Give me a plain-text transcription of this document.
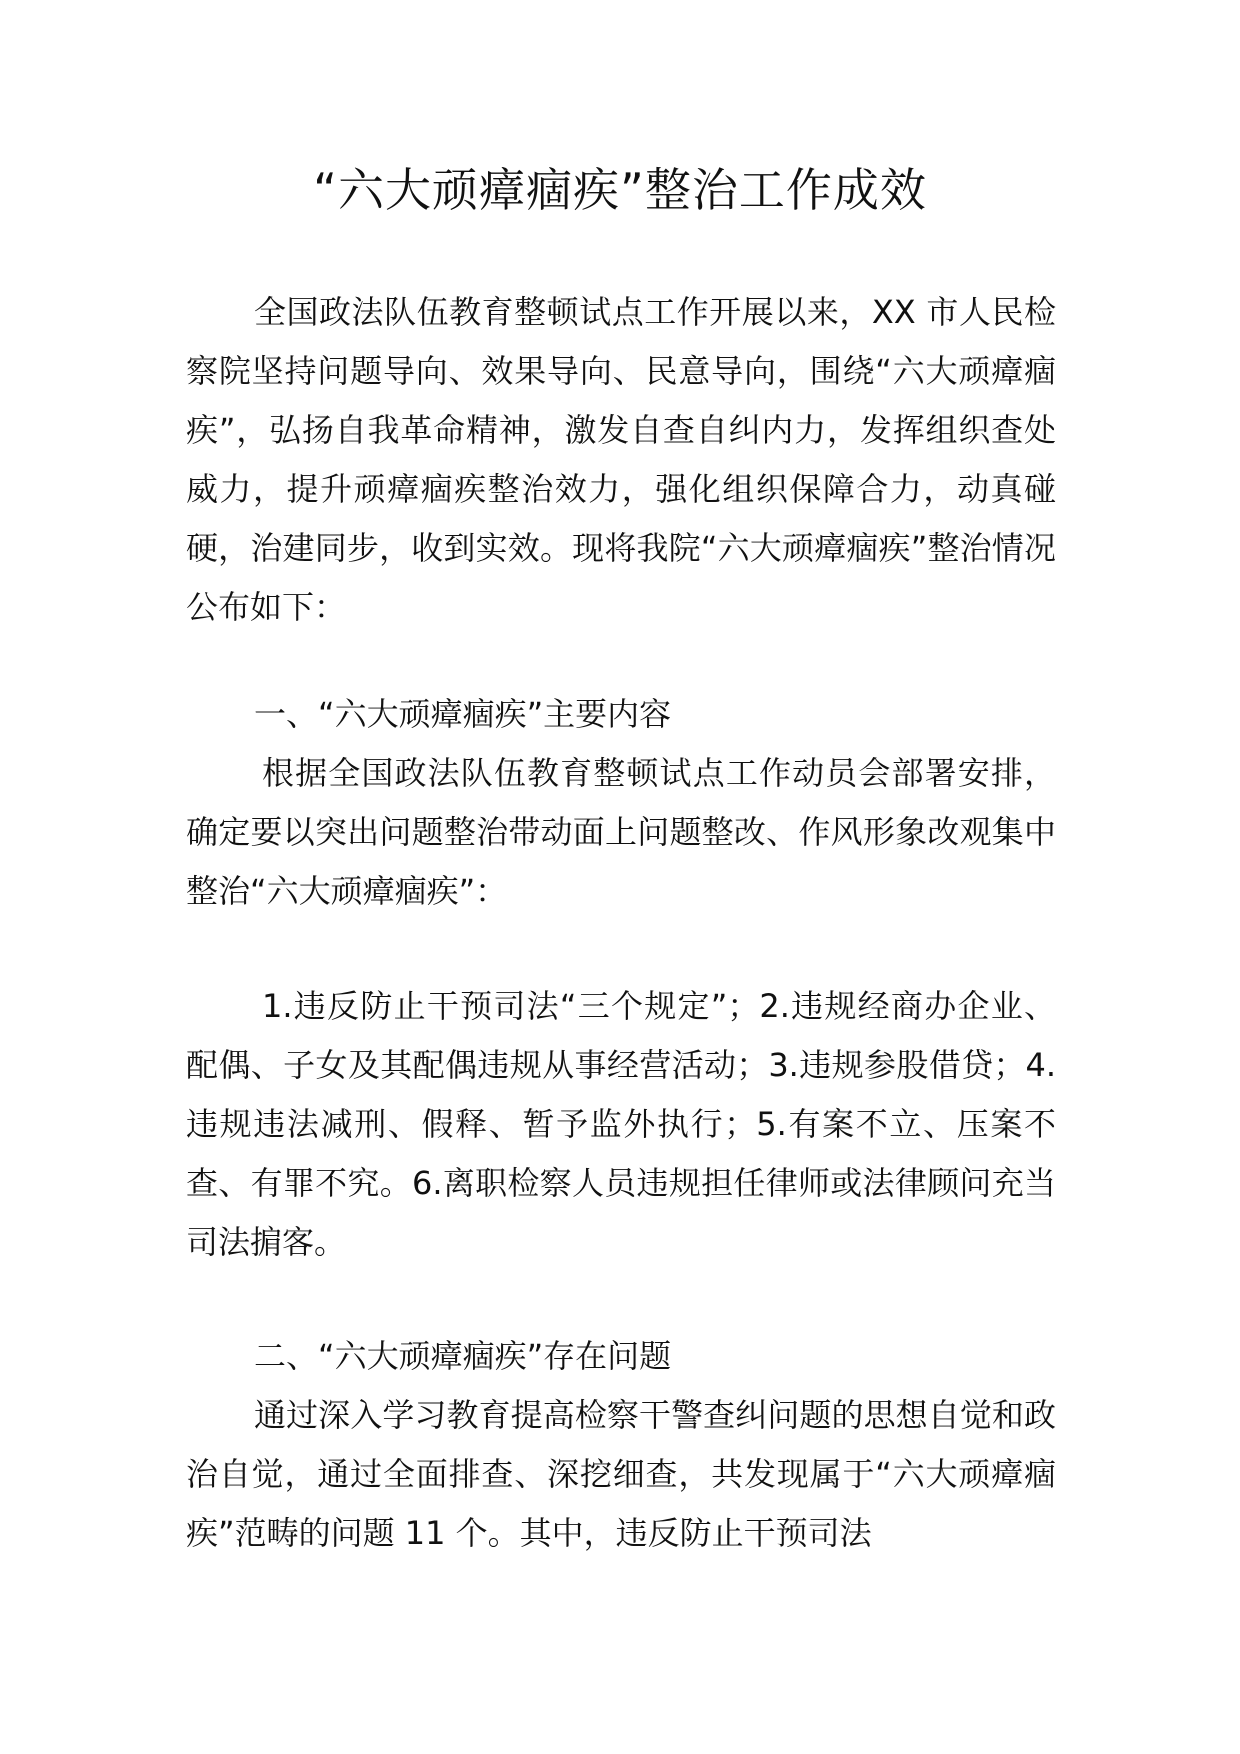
“六大顽瘴痼疾”整治工作成效

全国政法队伍教育整顿试点工作开展以来，XX 市人民检察院坚持问题导向、效果导向、民意导向，围绕“六大顽瘴痼疾”，弘扬自我革命精神，激发自查自纠内力，发挥组织查处威力，提升顽瘴痼疾整治效力，强化组织保障合力，动真碰硬，治建同步，收到实效。现将我院“六大顽瘴痼疾”整治情况公布如下：

一、“六大顽瘴痼疾”主要内容

根据全国政法队伍教育整顿试点工作动员会部署安排，确定要以突出问题整治带动面上问题整改、作风形象改观集中整治“六大顽瘴痼疾”：

1.违反防止干预司法“三个规定”；2.违规经商办企业、配偶、子女及其配偶违规从事经营活动；3.违规参股借贷；4.违规违法减刑、假释、暂予监外执行；5.有案不立、压案不查、有罪不究。6.离职检察人员违规担任律师或法律顾问充当司法掮客。

二、“六大顽瘴痼疾”存在问题

通过深入学习教育提高检察干警查纠问题的思想自觉和政治自觉，通过全面排查、深挖细查，共发现属于“六大顽瘴痼疾”范畴的问题 11 个。其中，违反防止干预司法
